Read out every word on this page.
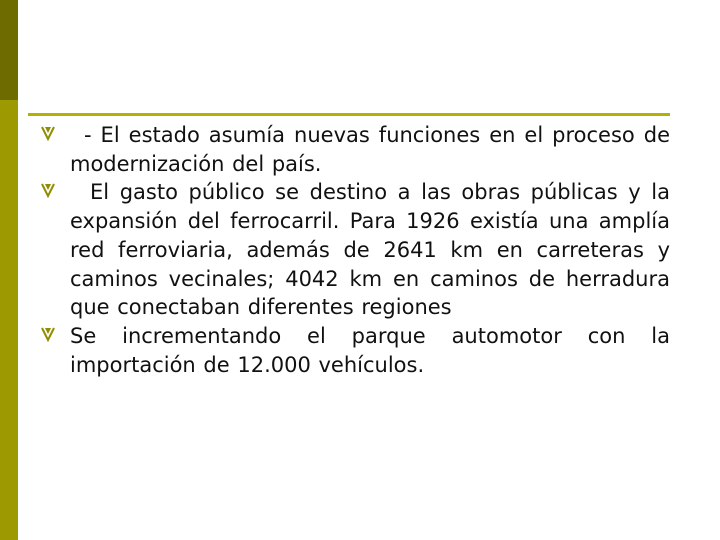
- El estado asumía nuevas funciones en el proceso de modernización del país.
El gasto público se destino a las obras públicas y la expansión del ferrocarril. Para 1926 existía una amplía red ferroviaria, además de 2641 km en carreteras y caminos vecinales; 4042 km en caminos de herradura que conectaban diferentes regiones
Se incrementando el parque automotor con la importación de 12.000 vehículos.
